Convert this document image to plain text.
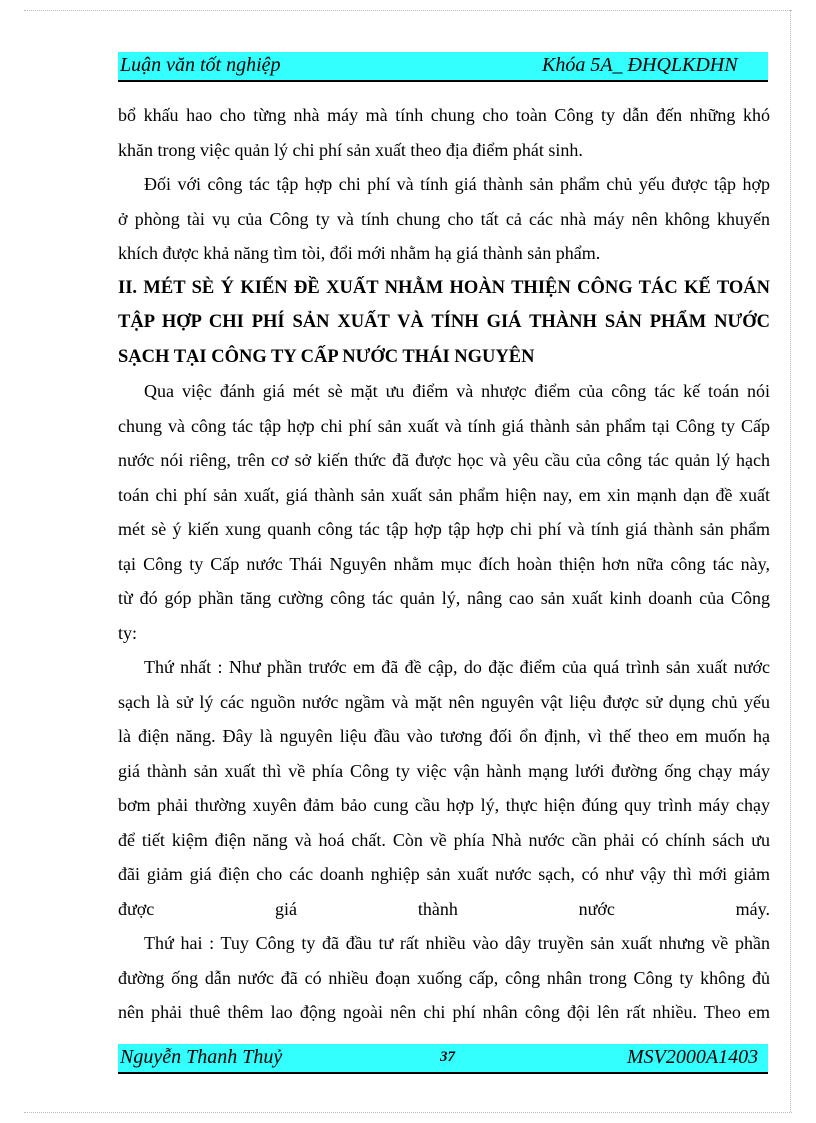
Luận văn tốt nghiệp	Khóa 5A_ ĐHQLKDHN
bổ khấu hao cho từng nhà máy mà tính chung cho toàn Công ty dẫn đến những khó
khăn trong việc quản lý chi phí sản xuất theo địa điểm phát sinh.
Đối với công tác tập hợp chi phí và tính giá thành sản phẩm chủ yếu được tập hợp
ở phòng tài vụ của Công ty và tính chung cho tất cả các nhà máy nên không khuyến
khích được khả năng tìm tòi, đổi mới nhằm hạ giá thành sản phẩm.
II. MÉT SÈ Ý KIẾN ĐỀ XUẤT NHẰM HOÀN THIỆN CÔNG TÁC KẾ TOÁN
TẬP HỢP CHI PHÍ SẢN XUẤT VÀ TÍNH GIÁ THÀNH SẢN PHẨM NƯỚC
SẠCH TẠI CÔNG TY CẤP NƯỚC THÁI NGUYÊN
Qua việc đánh giá mét sè mặt ưu điểm và nhược điểm của công tác kế toán nói
chung và công tác tập hợp chi phí sản xuất và tính giá thành sản phẩm tại Công ty Cấp
nước nói riêng, trên cơ sở kiến thức đã được học và yêu cầu của công tác quản lý hạch
toán chi phí sản xuất, giá thành sản xuất sản phẩm hiện nay, em xin mạnh dạn đề xuất
mét sè ý kiến xung quanh công tác tập hợp tập hợp chi phí và tính giá thành sản phẩm
tại Công ty Cấp nước Thái Nguyên nhằm mục đích hoàn thiện hơn nữa công tác này,
từ đó góp phần tăng cường công tác quản lý, nâng cao sản xuất kinh doanh của Công
ty:
Thứ nhất : Như phần trước em đã đề cập, do đặc điểm của quá trình sản xuất nước
sạch là sử lý các nguồn nước ngầm và mặt nên nguyên vật liệu được sử dụng chủ yếu
là điện năng. Đây là nguyên liệu đầu vào tương đối ổn định, vì thế theo em muốn hạ
giá thành sản xuất thì về phía Công ty việc vận hành mạng lưới đường ống chạy máy
bơm phải thường xuyên đảm bảo cung cầu hợp lý, thực hiện đúng quy trình máy chạy
để tiết kiệm điện năng và hoá chất. Còn về phía Nhà nước cần phải có chính sách ưu
đãi giảm giá điện cho các doanh nghiệp sản xuất nước sạch, có như vậy thì mới giảm
được giá thành nước máy.
Thứ hai : Tuy Công ty đã đầu tư rất nhiều vào dây truyền sản xuất nhưng về phần
đường ống dẫn nước đã có nhiều đoạn xuống cấp, công nhân trong Công ty không đủ
nên phải thuê thêm lao động ngoài nên chi phí nhân công đội lên rất nhiều. Theo em
Nguyễn Thanh Thuỷ	37	MSV2000A1403
